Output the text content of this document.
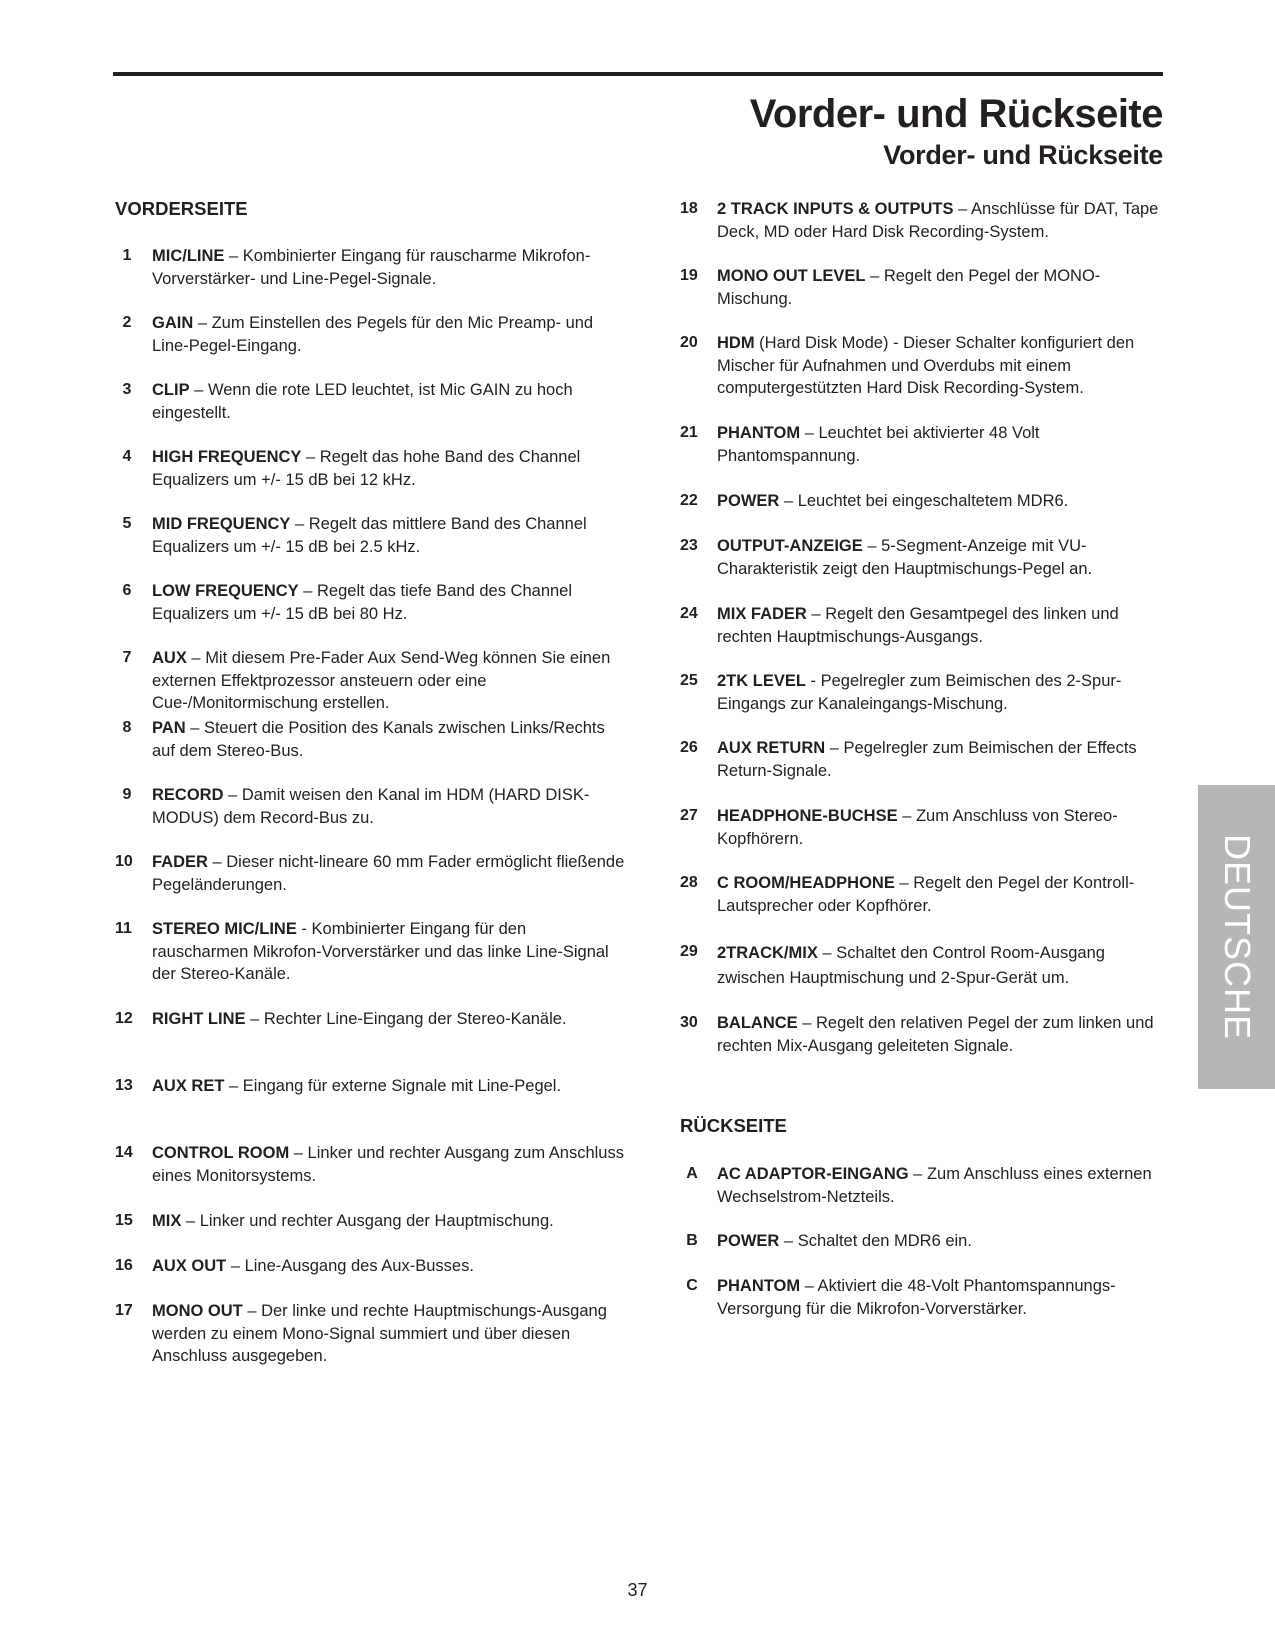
Vorder- und Rückseite
Vorder- und Rückseite
VORDERSEITE
1	MIC/LINE – Kombinierter Eingang für rauscharme Mikrofon-Vorverstärker- und Line-Pegel-Signale.
2	GAIN – Zum Einstellen des Pegels für den Mic Preamp- und Line-Pegel-Eingang.
3	CLIP – Wenn die rote LED leuchtet, ist Mic GAIN zu hoch eingestellt.
4	HIGH FREQUENCY – Regelt das hohe Band des Channel Equalizers um +/- 15 dB bei 12 kHz.
5	MID FREQUENCY – Regelt das mittlere Band des Channel Equalizers um +/- 15 dB bei 2.5 kHz.
6	LOW FREQUENCY – Regelt das tiefe Band des Channel Equalizers um +/- 15 dB bei 80 Hz.
7	AUX – Mit diesem Pre-Fader Aux Send-Weg können Sie einen externen Effektprozessor ansteuern oder eine Cue-/Monitormischung erstellen.
8	PAN – Steuert die Position des Kanals zwischen Links/Rechts auf dem Stereo-Bus.
9	RECORD – Damit weisen den Kanal im HDM (HARD DISK-MODUS) dem Record-Bus zu.
10	FADER – Dieser nicht-lineare 60 mm Fader ermöglicht fließende Pegeländerungen.
11	STEREO MIC/LINE - Kombinierter Eingang für den rauscharmen Mikrofon-Vorverstärker und das linke Line-Signal der Stereo-Kanäle.
12	RIGHT LINE – Rechter Line-Eingang der Stereo-Kanäle.
13	AUX RET – Eingang für externe Signale mit Line-Pegel.
14	CONTROL ROOM – Linker und rechter Ausgang zum Anschluss eines Monitorsystems.
15	MIX – Linker und rechter Ausgang der Hauptmischung.
16	AUX OUT – Line-Ausgang des Aux-Busses.
17	MONO OUT – Der linke und rechte Hauptmischungs-Ausgang werden zu einem Mono-Signal summiert und über diesen Anschluss ausgegeben.
18	2 TRACK INPUTS & OUTPUTS – Anschlüsse für DAT, Tape Deck, MD oder Hard Disk Recording-System.
19	MONO OUT LEVEL – Regelt den Pegel der MONO-Mischung.
20	HDM (Hard Disk Mode) - Dieser Schalter konfiguriert den Mischer für Aufnahmen und Overdubs mit einem computergestützten Hard Disk Recording-System.
21	PHANTOM – Leuchtet bei aktivierter 48 Volt Phantomspannung.
22	POWER – Leuchtet bei eingeschaltetem MDR6.
23	OUTPUT-ANZEIGE – 5-Segment-Anzeige mit VU-Charakteristik zeigt den Hauptmischungs-Pegel an.
24	MIX FADER – Regelt den Gesamtpegel des linken und rechten Hauptmischungs-Ausgangs.
25	2TK LEVEL - Pegelregler zum Beimischen des 2-Spur-Eingangs zur Kanaleingangs-Mischung.
26	AUX RETURN – Pegelregler zum Beimischen der Effects Return-Signale.
27	HEADPHONE-BUCHSE – Zum Anschluss von Stereo-Kopfhörern.
28	C ROOM/HEADPHONE – Regelt den Pegel der Kontroll-Lautsprecher oder Kopfhörer.
29	2TRACK/MIX – Schaltet den Control Room-Ausgang zwischen Hauptmischung und 2-Spur-Gerät um.
30	BALANCE – Regelt den relativen Pegel der zum linken und rechten Mix-Ausgang geleiteten Signale.
RÜCKSEITE
A	AC ADAPTOR-EINGANG – Zum Anschluss eines externen Wechselstrom-Netzteils.
B	POWER – Schaltet den MDR6 ein.
C	PHANTOM – Aktiviert die 48-Volt Phantomspannungs-Versorgung für die Mikrofon-Vorverstärker.
DEUTSCHE
37
